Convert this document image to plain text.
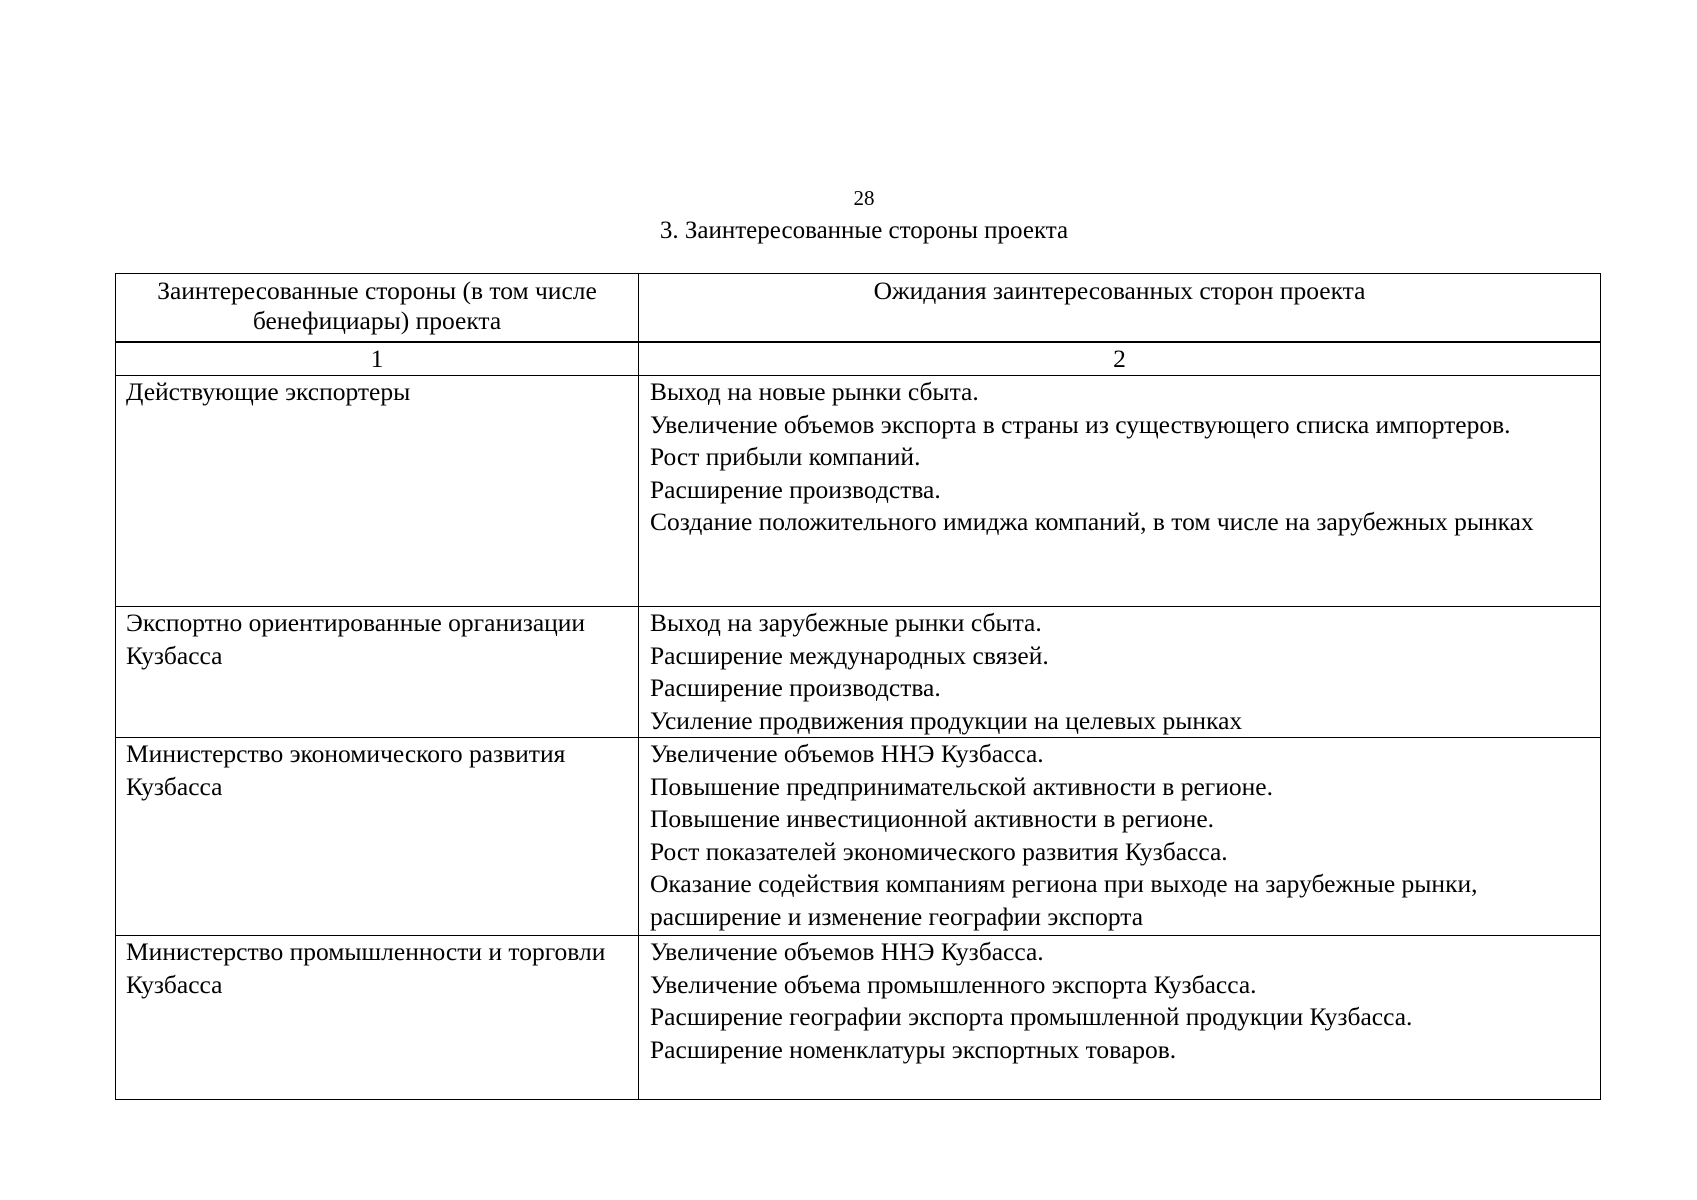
28
3. Заинтересованные стороны проекта
Заинтересованные стороны (в том числе бенефициары) проекта	Ожидания заинтересованных сторон проекта
1	2
Действующие экспортеры	Выход на новые рынки сбыта.
Увеличение объемов экспорта в страны из существующего списка импортеров.
Рост прибыли компаний.
Расширение производства.
Создание положительного имиджа компаний, в том числе на зарубежных рынках

Экспортно ориентированные организации Кузбасса	Выход на зарубежные рынки сбыта.
Расширение международных связей.
Расширение производства.
Усиление продвижения продукции на целевых рынках

Министерство экономического развития Кузбасса	Увеличение объемов ННЭ Кузбасса.
Повышение предпринимательской активности в регионе.
Повышение инвестиционной активности в регионе.
Рост показателей экономического развития Кузбасса.
Оказание содействия компаниям региона при выходе на зарубежные рынки, расширение и изменение географии экспорта

Министерство промышленности и торговли Кузбасса	Увеличение объемов ННЭ Кузбасса.
Увеличение объема промышленного экспорта Кузбасса.
Расширение географии экспорта промышленной продукции Кузбасса.
Расширение номенклатуры экспортных товаров.
